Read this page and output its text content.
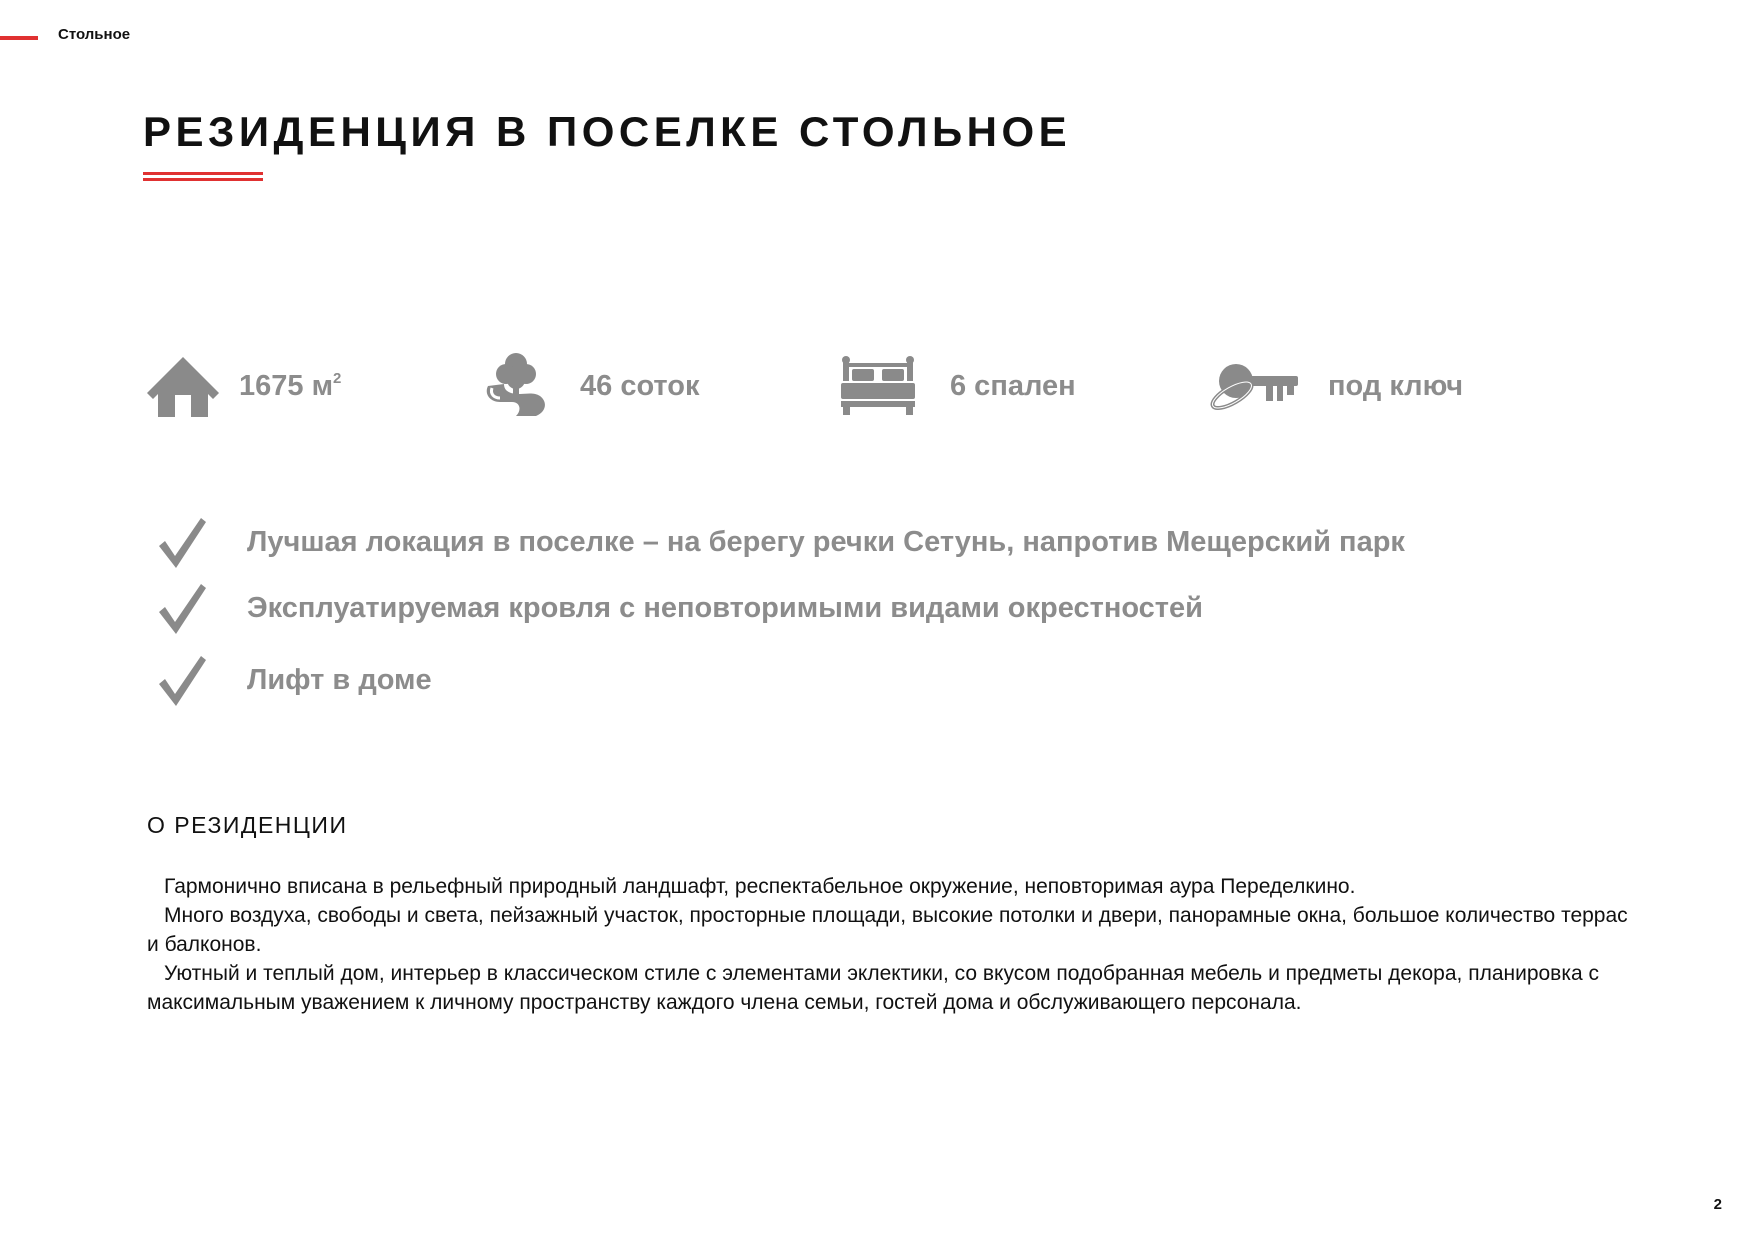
Стольное
РЕЗИДЕНЦИЯ В ПОСЕЛКЕ СТОЛЬНОЕ
1675 $м^2$	46 соток	6 спален	под ключ
Лучшая локация в поселке – на берегу речки Сетунь, напротив Мещерский парк
Эксплуатируемая кровля с неповторимыми видами окрестностей
Лифт в доме
О РЕЗИДЕНЦИИ

Гармонично вписана в рельефный природный ландшафт, респектабельное окружение, неповторимая аура Переделкино.

Много воздуха, свободы и света, пейзажный участок, просторные площади, высокие потолки и двери, панорамные окна, большое количество террас и балконов.

Уютный и теплый дом, интерьер в классическом стиле с элементами эклектики, со вкусом подобранная мебель и предметы декора, планировка с максимальным уважением к личному пространству каждого члена семьи, гостей дома и обслуживающего персонала.

2
